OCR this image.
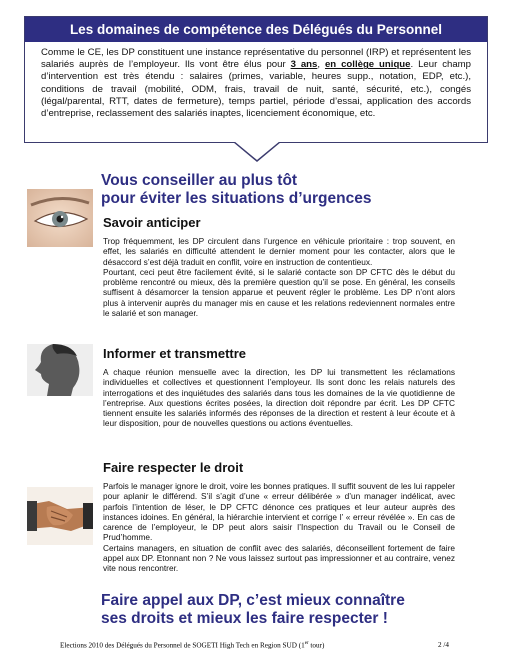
Les domaines de compétence des Délégués du Personnel
Comme le CE, les DP constituent une instance représentative du personnel (IRP) et représentent les salariés auprès de l’employeur. Ils vont être élus pour 3 ans, en collège unique. Leur champ d’intervention est très étendu : salaires (primes, variable, heures supp., notation, EDP, etc.), conditions de travail (mobilité, ODM, frais, travail de nuit, santé, sécurité, etc.), congés (légal/parental, RTT, dates de fermeture), temps partiel, période d’essai, application des accords d’entreprise, reclassement des salariés inaptes, licenciement économique, etc.
Vous conseiller au plus tôt
pour éviter les situations d’urgences
Savoir anticiper
Trop fréquemment, les DP circulent dans l’urgence en véhicule prioritaire : trop souvent, en effet, les salariés en difficulté attendent le dernier moment pour les contacter, alors que le désaccord s’est déjà traduit en conflit, voire en instruction de contentieux.
Pourtant, ceci peut être facilement évité, si le salarié contacte son DP CFTC dès le début du problème rencontré ou mieux, dès la première question qu’il se pose. En général, les conseils suffisent à désamorcer la tension apparue et peuvent régler le problème. Les DP n’ont alors plus à intervenir auprès du manager mis en cause et les relations redeviennent normales entre le salarié et son manager.
Informer et transmettre
A chaque réunion mensuelle avec la direction, les DP lui transmettent les réclamations individuelles et collectives et questionnent l’employeur. Ils sont donc les relais naturels des interrogations et des inquiétudes des salariés dans tous les domaines de la vie quotidienne de l’entreprise. Aux questions écrites posées, la direction doit répondre par écrit. Les DP CFTC tiennent ensuite les salariés informés des réponses de la direction et restent à leur écoute et à leur disposition, pour de nouvelles questions ou actions éventuelles.
Faire respecter le droit
Parfois le manager ignore le droit, voire les bonnes pratiques. Il suffit souvent de les lui rappeler pour aplanir le différend. S’il s’agit d’une « erreur délibérée » d’un manager indélicat, avec parfois l’intention de léser, le DP CFTC dénonce ces pratiques et leur auteur auprès des instances idoines. En général, la hiérarchie intervient et corrige l’ « erreur révélée ». En cas de carence de l’employeur, le DP peut alors saisir l’Inspection du Travail ou le Conseil de Prud’homme.
Certains managers, en situation de conflit avec des salariés, déconseillent fortement de faire appel aux DP. Etonnant non ? Ne vous laissez surtout pas impressionner et au contraire, venez vite nous rencontrer.
Faire appel aux DP, c’est mieux connaître
ses droits et mieux les faire respecter !
Elections 2010 des Délégués du Personnel de SOGETI High Tech en Region SUD (1er tour)	2 /4
